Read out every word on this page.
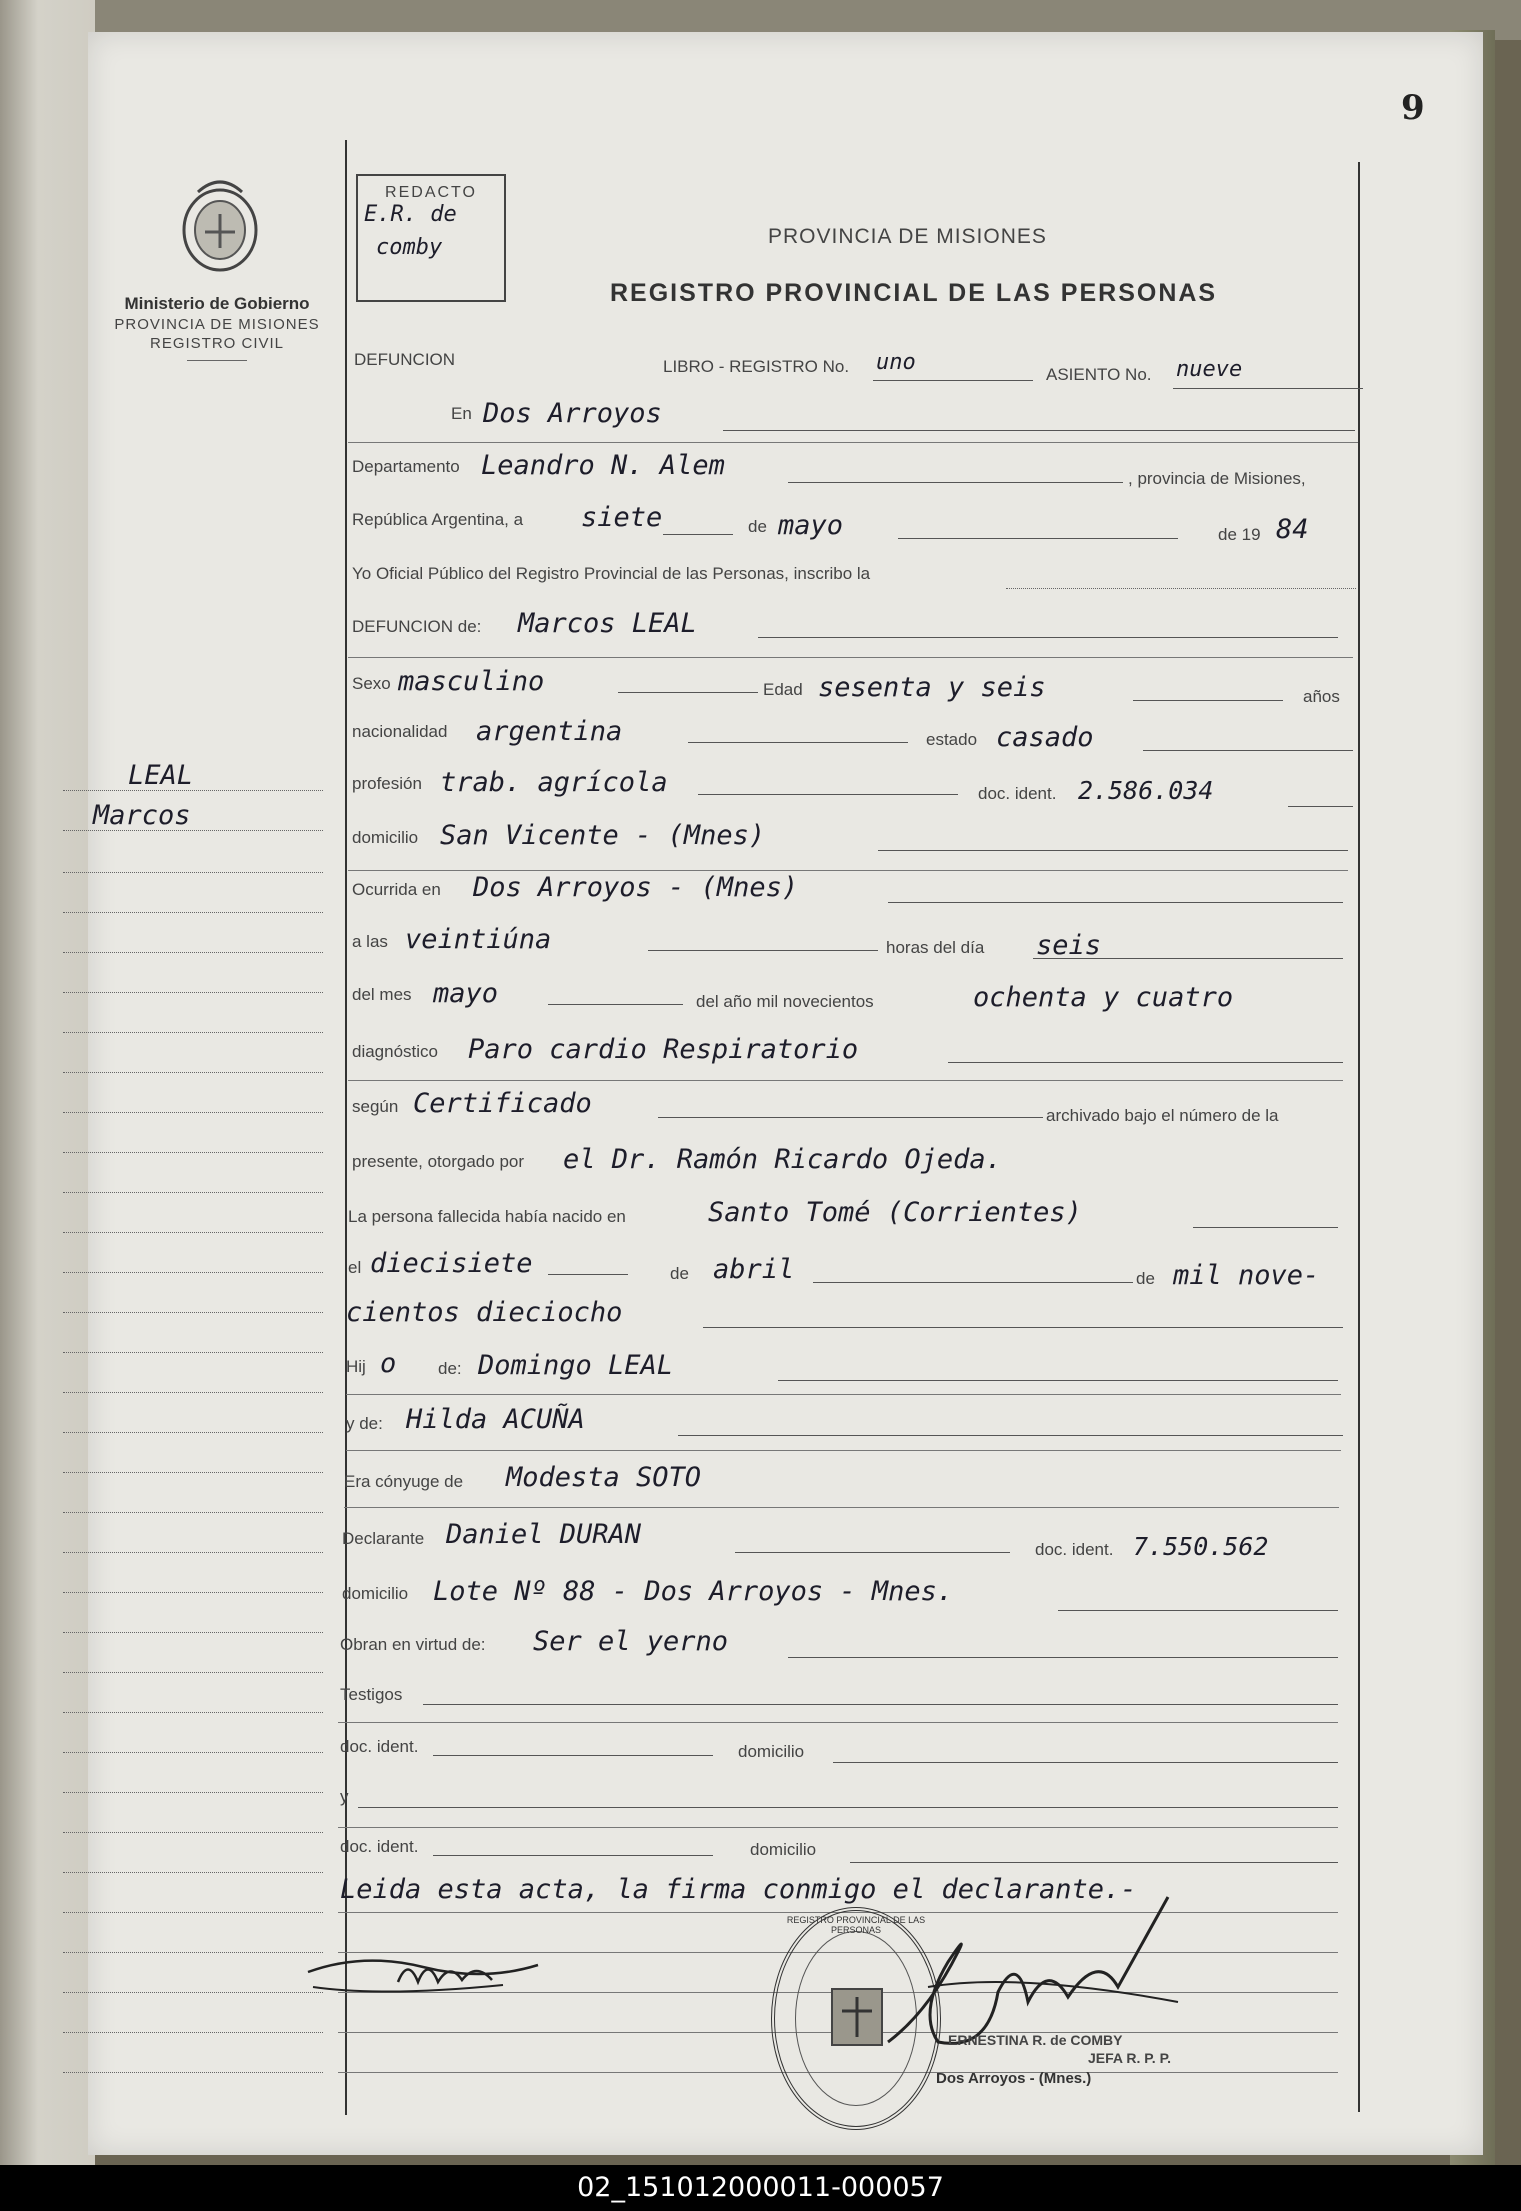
9
Ministerio de Gobierno
PROVINCIA DE MISIONES
REGISTRO CIVIL
REDACTO
E.R. de
comby	PROVINCIA DE MISIONES
REGISTRO PROVINCIAL DE LAS PERSONAS
DEFUNCION	LIBRO - REGISTRO No. uno	ASIENTO No. nueve
LEAL
Marcos
En Dos Arroyos
Departamento Leandro N. Alem	, provincia de Misiones,
República Argentina, a siete	de mayo	de 19 84
Yo Oficial Público del Registro Provincial de las Personas, inscribo la
DEFUNCION de: Marcos LEAL
Sexo masculino	Edad sesenta y seis	años
nacionalidad argentina	estado casado
profesión trab. agrícola	doc. ident. 2.586.034
domicilio San Vicente - (Mnes)
Ocurrida en Dos Arroyos - (Mnes)
a las veintiúna	horas del día seis
del mes mayo	del año mil novecientos	ochenta y cuatro
diagnóstico Paro cardio Respiratorio
según Certificado	archivado bajo el número de la
presente, otorgado por el Dr. Ramón Ricardo Ojeda.
La persona fallecida había nacido en	Santo Tomé (Corrientes)
el diecisiete	de abril	de mil nove-
cientos dieciocho
Hij o de: Domingo LEAL
y de: Hilda ACUÑA
Era cónyuge de Modesta SOTO
Declarante Daniel DURAN	doc. ident. 7.550.562
domicilio Lote Nº 88 - Dos Arroyos - Mnes.
Obran en virtud de: Ser el yerno
Testigos
doc. ident.	domicilio
y
doc. ident.	domicilio
Leida esta acta, la firma conmigo el declarante.-
REGISTRO PROVINCIAL DE LAS PERSONAS
ERNESTINA R. de COMBY
JEFA R. P. P.
Dos Arroyos - (Mnes.)
02_151012000011-000057
